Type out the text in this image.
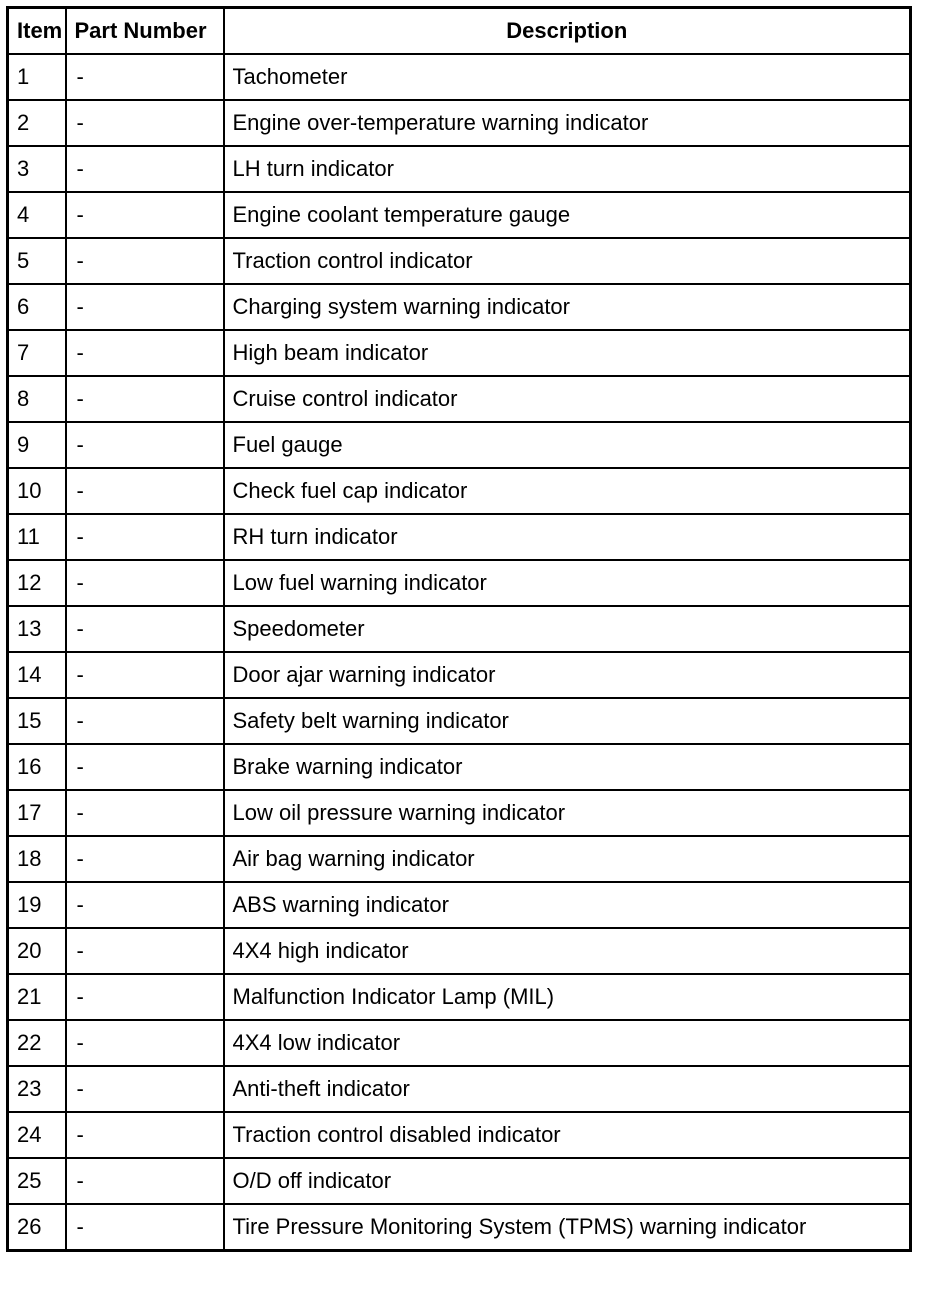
Item	Part Number	Description
1	-	Tachometer
2	-	Engine over-temperature warning indicator
3	-	LH turn indicator
4	-	Engine coolant temperature gauge
5	-	Traction control indicator
6	-	Charging system warning indicator
7	-	High beam indicator
8	-	Cruise control indicator
9	-	Fuel gauge
10	-	Check fuel cap indicator
11	-	RH turn indicator
12	-	Low fuel warning indicator
13	-	Speedometer
14	-	Door ajar warning indicator
15	-	Safety belt warning indicator
16	-	Brake warning indicator
17	-	Low oil pressure warning indicator
18	-	Air bag warning indicator
19	-	ABS warning indicator
20	-	4X4 high indicator
21	-	Malfunction Indicator Lamp (MIL)
22	-	4X4 low indicator
23	-	Anti-theft indicator
24	-	Traction control disabled indicator
25	-	O/D off indicator
26	-	Tire Pressure Monitoring System (TPMS) warning indicator
